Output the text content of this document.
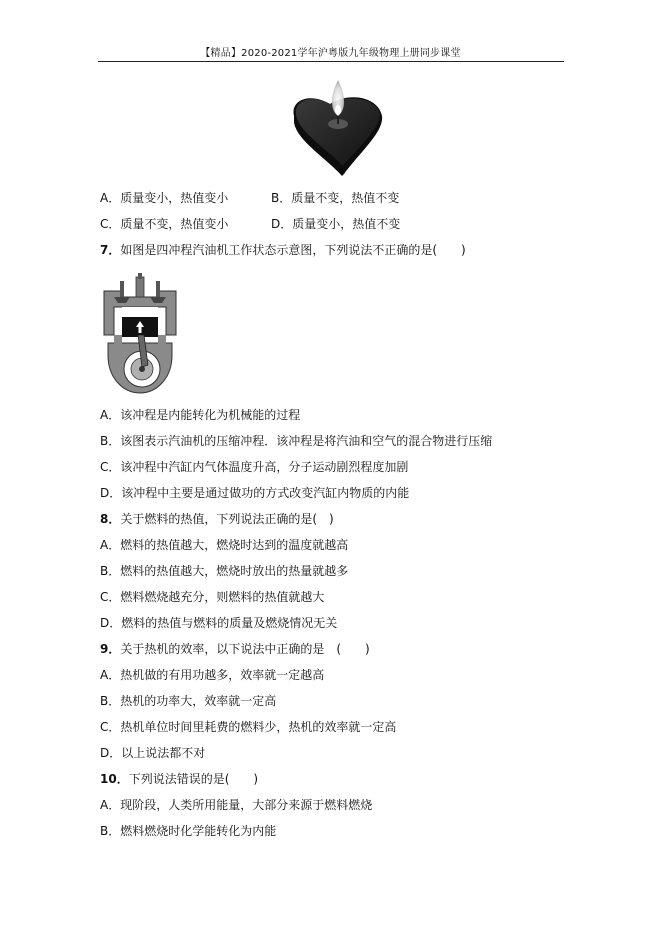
【精品】2020-2021学年沪粤版九年级物理上册同步课堂
A．质量变小，热值变小	B．质量不变，热值不变
C．质量不变，热值变小	D．质量变小，热值不变
7．如图是四冲程汽油机工作状态示意图，下列说法不正确的是(　　)
A．该冲程是内能转化为机械能的过程
B．该图表示汽油机的压缩冲程．该冲程是将汽油和空气的混合物进行压缩
C．该冲程中汽缸内气体温度升高，分子运动剧烈程度加剧
D．该冲程中主要是通过做功的方式改变汽缸内物质的内能
8．关于燃料的热值，下列说法正确的是(　)
A．燃料的热值越大，燃烧时达到的温度就越高
B．燃料的热值越大，燃烧时放出的热量就越多
C．燃料燃烧越充分，则燃料的热值就越大
D．燃料的热值与燃料的质量及燃烧情况无关
9．关于热机的效率，以下说法中正确的是　(　　)
A．热机做的有用功越多，效率就一定越高
B．热机的功率大，效率就一定高
C．热机单位时间里耗费的燃料少，热机的效率就一定高
D．以上说法都不对
10．下列说法错误的是(　　)
A．现阶段，人类所用能量，大部分来源于燃料燃烧
B．燃料燃烧时化学能转化为内能
